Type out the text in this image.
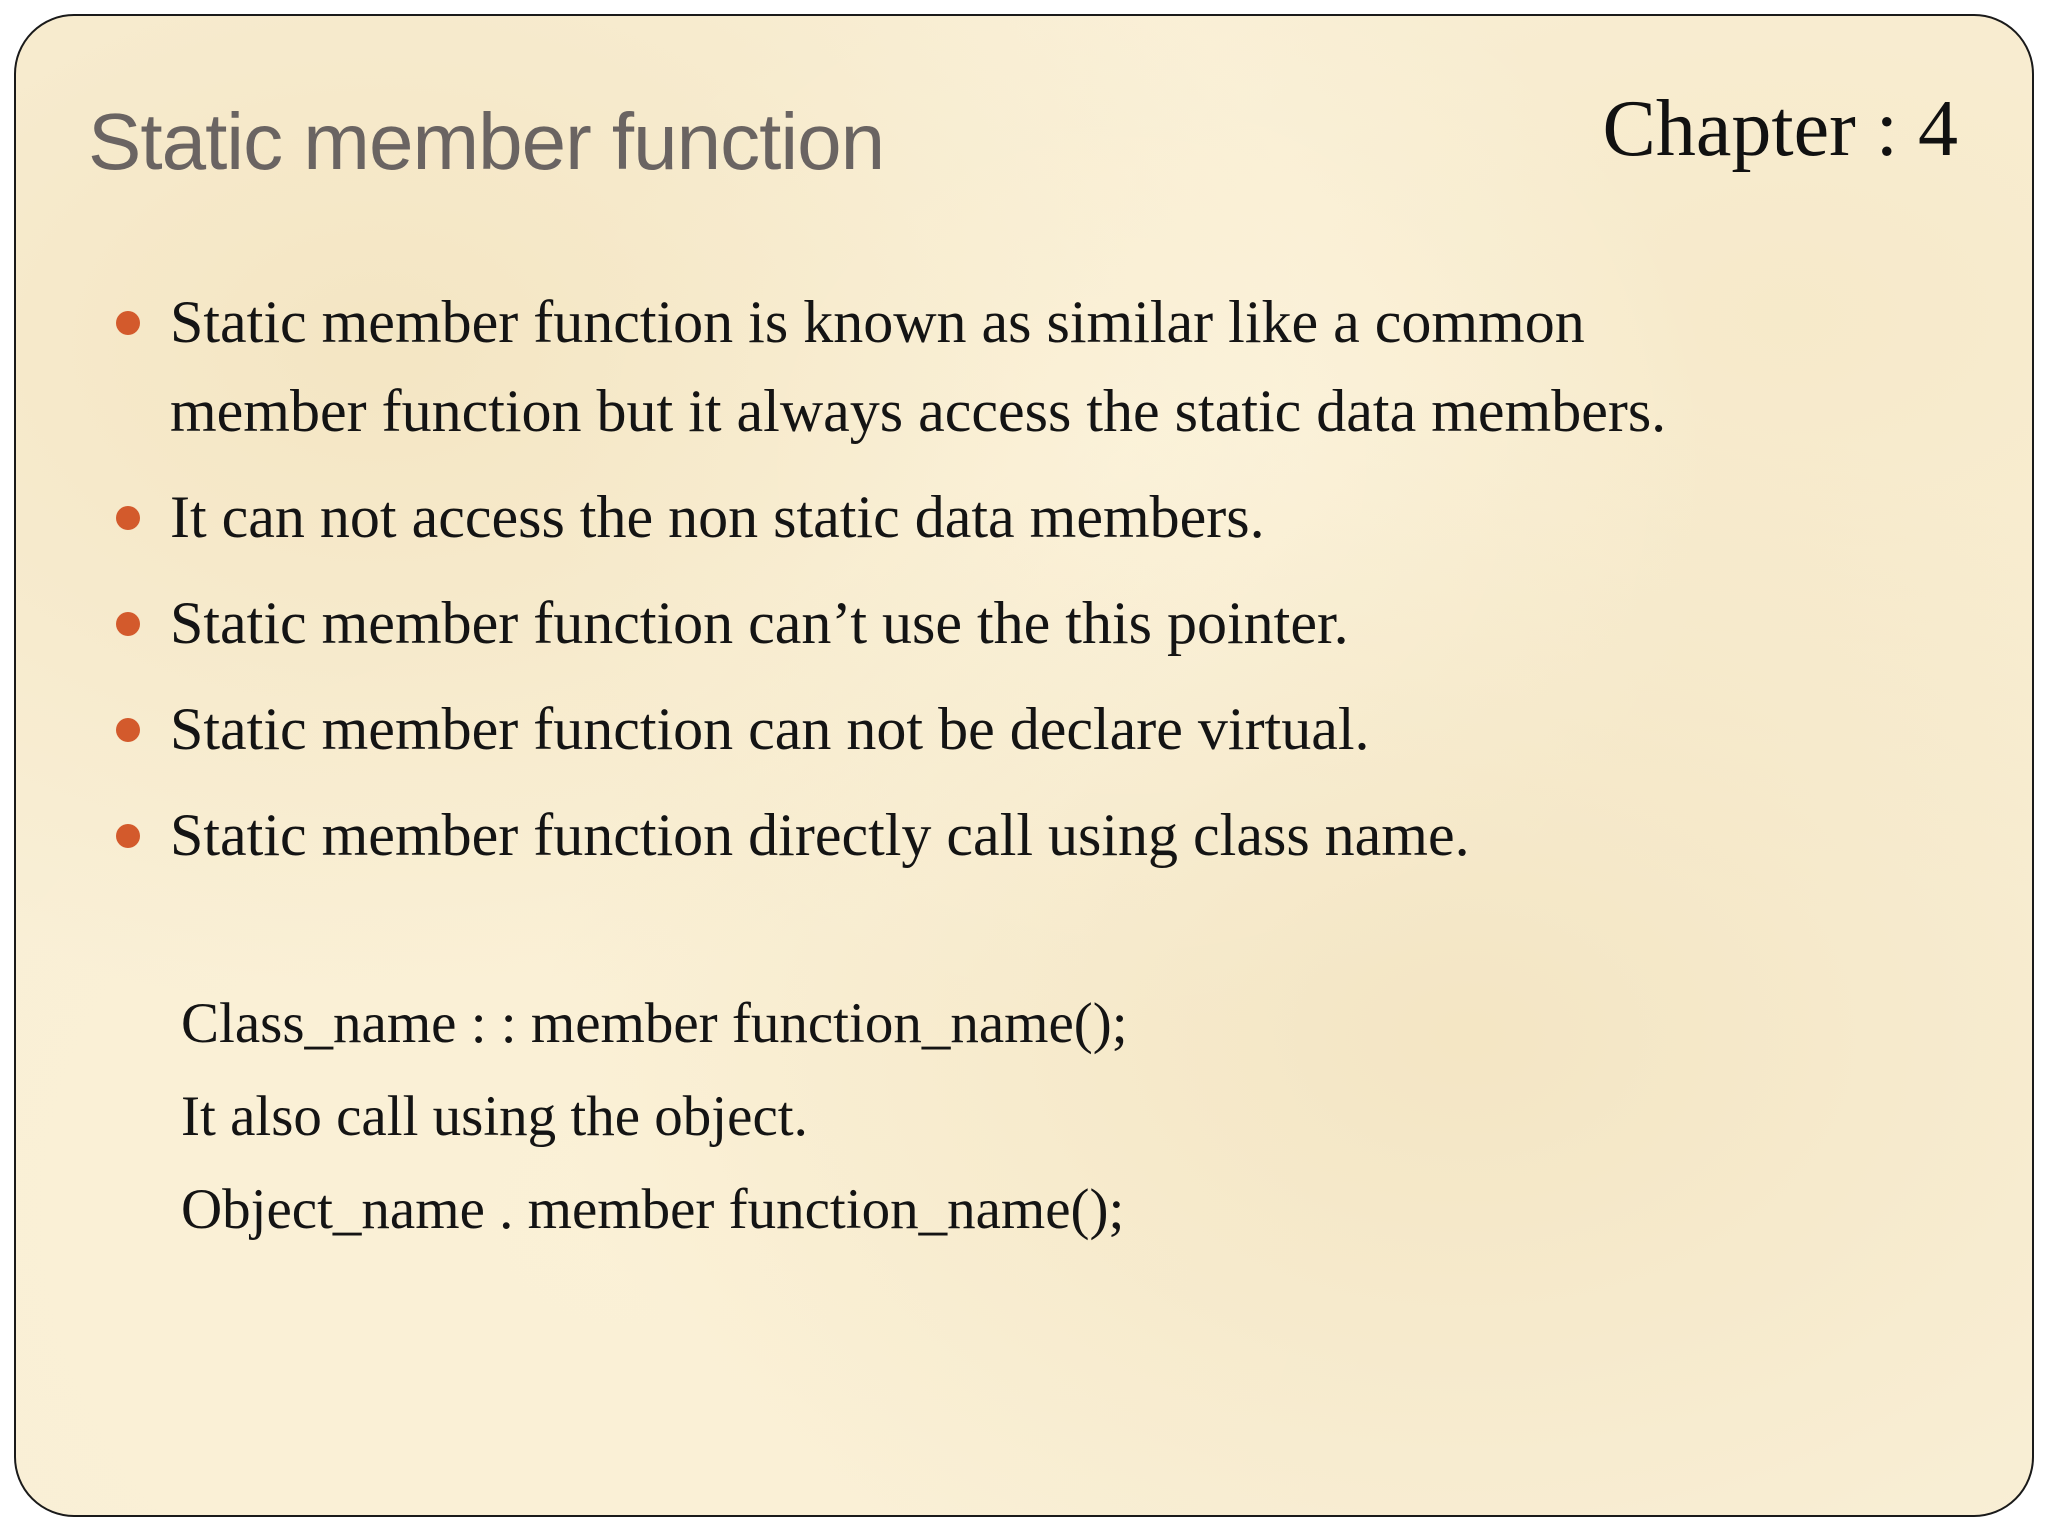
Static member function	Chapter : 4
Static member function is known as similar like a common member function but it always access the static data members.
It can not access the non static data members.
Static member function can’t use the this pointer.
Static member function can not be declare virtual.
Static member function directly call using class name.
Class_name : : member function_name();
It also call using the object.
Object_name . member function_name();
